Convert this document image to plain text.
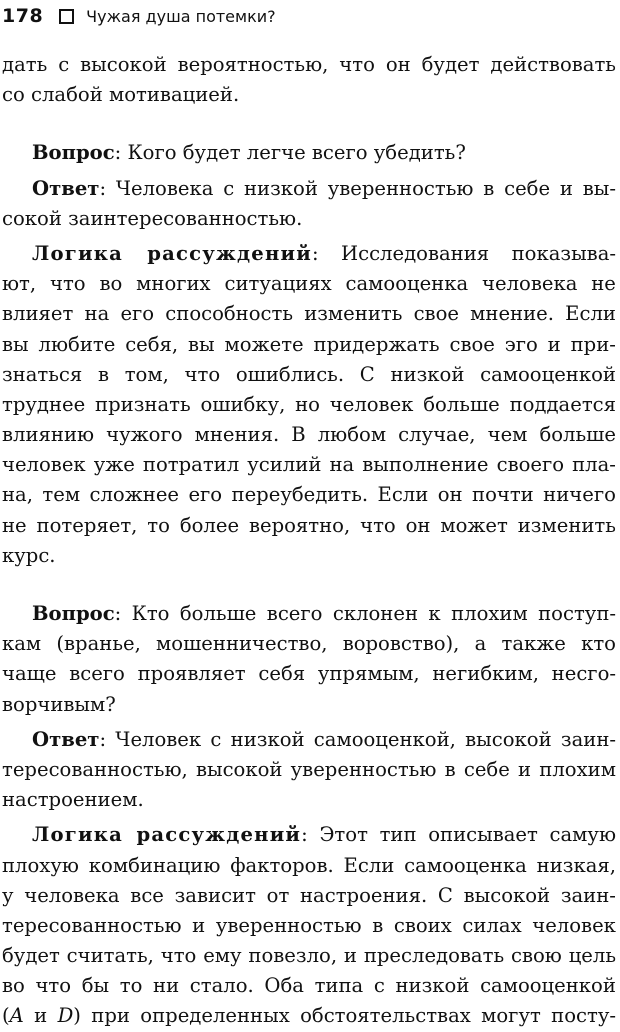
178	Чужая душа потемки?
дать с высокой вероятностью, что он будет действовать
со слабой мотивацией.
Вопрос : Кого будет легче всего убедить?
Ответ: Человека с низкой уверенностью в себе и вы-
сокой заинтересованностью.
Логика рассуждений: Исследования показыва-
ют, что во многих ситуациях самооценка человека не
влияет на его способность изменить свое мнение. Если
вы любите себя, вы можете придержать свое эго и при-
знаться в том, что ошиблись. С низкой самооценкой
труднее признать ошибку, но человек больше поддается
влиянию чужого мнения. В любом случае, чем больше
человек уже потратил усилий на выполнение своего пла-
на, тем сложнее его переубедить. Если он почти ничего
не потеряет, то более вероятно, что он может изменить
курс.
Вопрос: Кто больше всего склонен к плохим поступ-
кам (вранье, мошенничество, воровство), а также кто
чаще всего проявляет себя упрямым, негибким, несго-
ворчивым?
Ответ: Человек с низкой самооценкой, высокой заин-
тересованностью, высокой уверенностью в себе и плохим
настроением.
Логика рассуждений: Этот тип описывает самую
плохую комбинацию факторов. Если самооценка низкая,
у человека все зависит от настроения. С высокой заин-
тересованностью и уверенностью в своих силах человек
будет считать, что ему повезло, и преследовать свою цель
во что бы то ни стало. Оба типа с низкой самооценкой
(A и D) при определенных обстоятельствах могут посту-
